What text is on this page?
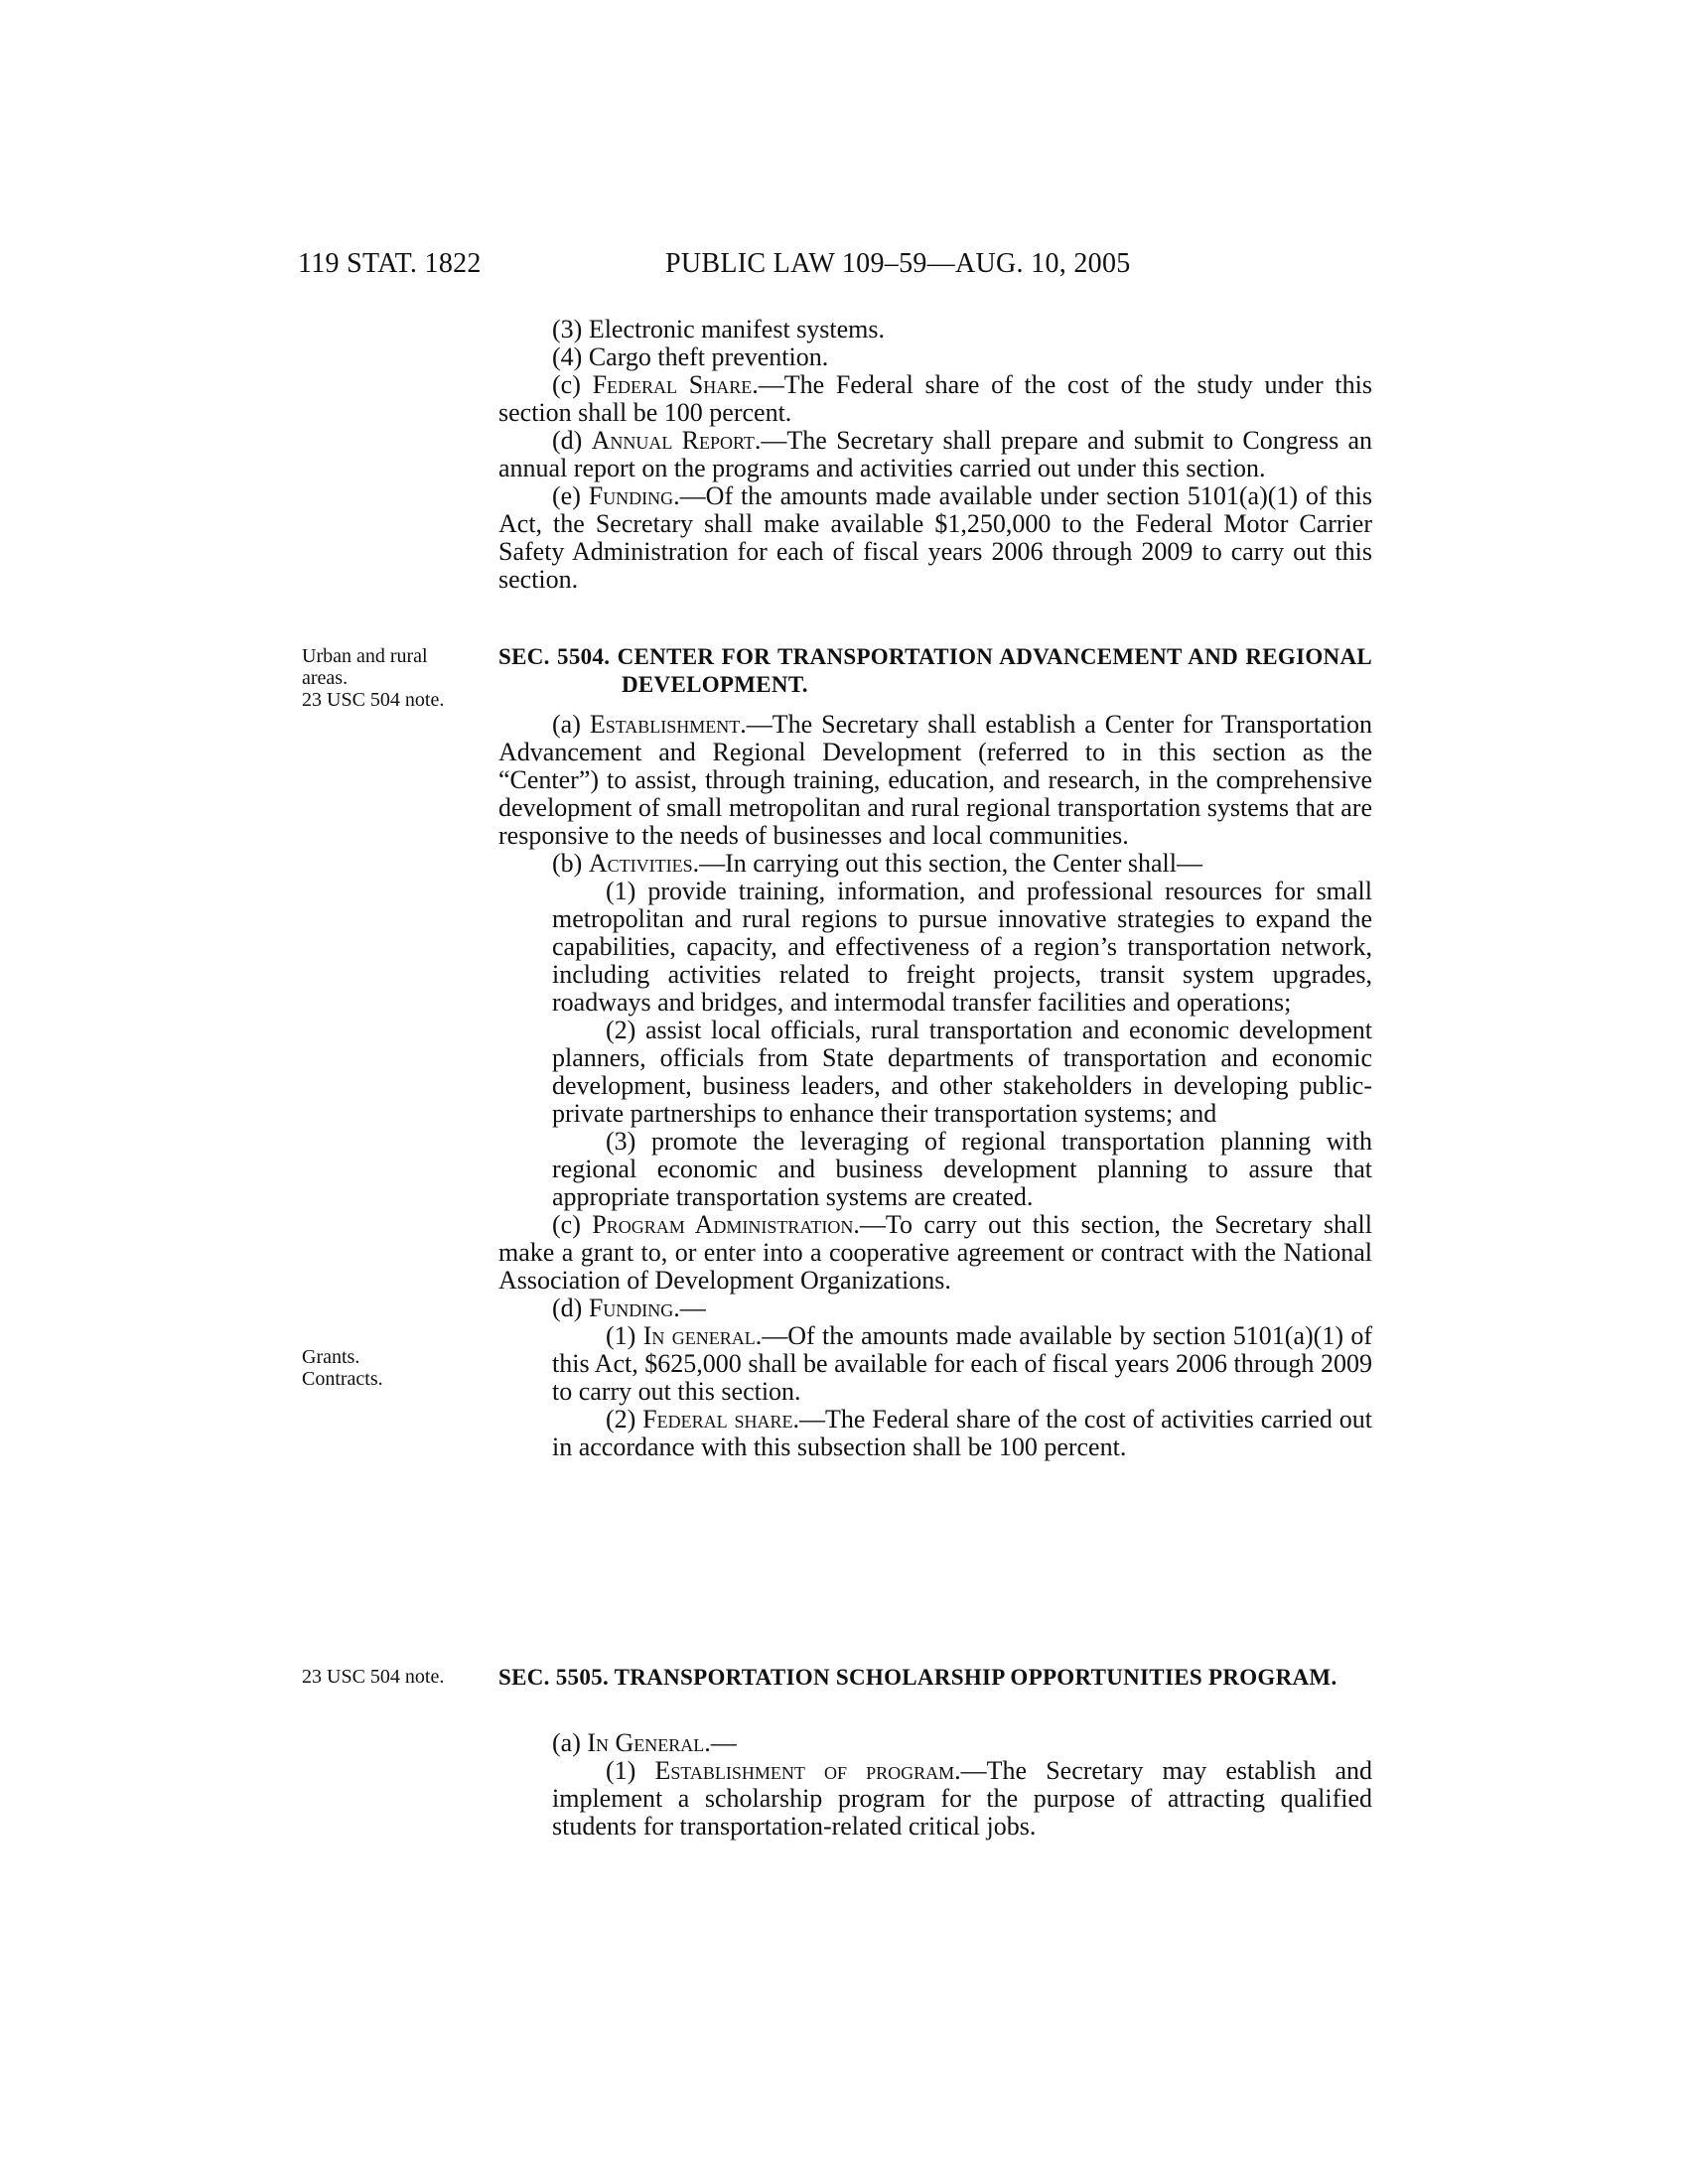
119 STAT. 1822	PUBLIC LAW 109–59—AUG. 10, 2005
Urban and rural
areas.
23 USC 504 note.
Grants.
Contracts.
23 USC 504 note.

(3) Electronic manifest systems.

(4) Cargo theft prevention.

(c) Federal Share.—The Federal share of the cost of the study under this section shall be 100 percent.

(d) Annual Report.—The Secretary shall prepare and submit to Congress an annual report on the programs and activities carried out under this section.

(e) Funding.—Of the amounts made available under section 5101(a)(1) of this Act, the Secretary shall make available $1,250,000 to the Federal Motor Carrier Safety Administration for each of fiscal years 2006 through 2009 to carry out this section.

SEC. 5504. CENTER FOR TRANSPORTATION ADVANCEMENT AND REGIONAL DEVELOPMENT.

(a) Establishment.—The Secretary shall establish a Center for Transportation Advancement and Regional Development (referred to in this section as the “Center”) to assist, through training, education, and research, in the comprehensive development of small metropolitan and rural regional transportation systems that are responsive to the needs of businesses and local communities.

(b) Activities.—In carrying out this section, the Center shall—

(1) provide training, information, and professional resources for small metropolitan and rural regions to pursue innovative strategies to expand the capabilities, capacity, and effectiveness of a region’s transportation network, including activities related to freight projects, transit system upgrades, roadways and bridges, and intermodal transfer facilities and operations;

(2) assist local officials, rural transportation and economic development planners, officials from State departments of transportation and economic development, business leaders, and other stakeholders in developing public-private partnerships to enhance their transportation systems; and

(3) promote the leveraging of regional transportation planning with regional economic and business development planning to assure that appropriate transportation systems are created.

(c) Program Administration.—To carry out this section, the Secretary shall make a grant to, or enter into a cooperative agreement or contract with the National Association of Development Organizations.

(d) Funding.—

(1) In general.—Of the amounts made available by section 5101(a)(1) of this Act, $625,000 shall be available for each of fiscal years 2006 through 2009 to carry out this section.

(2) Federal share.—The Federal share of the cost of activities carried out in accordance with this subsection shall be 100 percent.

SEC. 5505. TRANSPORTATION SCHOLARSHIP OPPORTUNITIES PROGRAM.

(a) In General.—

(1) Establishment of program.—The Secretary may establish and implement a scholarship program for the purpose of attracting qualified students for transportation-related critical jobs.
